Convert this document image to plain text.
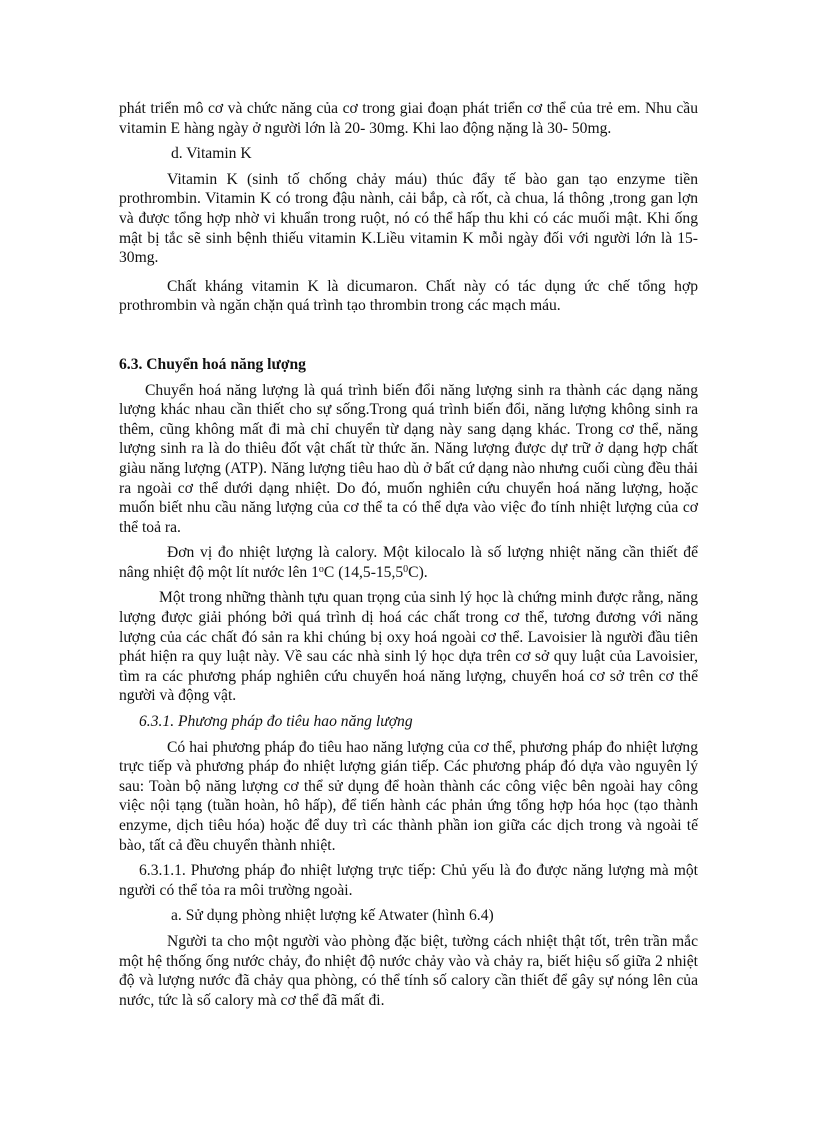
phát triển mô cơ và chức năng của cơ trong giai đoạn phát triển cơ thể của trẻ em. Nhu cầu vitamin E hàng ngày ở người lớn là 20- 30mg. Khi lao động nặng là 30- 50mg.

d. Vitamin K

Vitamin K (sinh tố chống chảy máu) thúc đẩy tế bào gan tạo enzyme tiền prothrombin. Vitamin K có trong đậu nành, cải bắp, cà rốt, cà chua, lá thông ,trong gan lợn và được tổng hợp nhờ vi khuẩn trong ruột, nó có thể hấp thu khi có các muối mật. Khi ống mật bị tắc sẽ sinh bệnh thiếu vitamin K.Liều vitamin K mỗi ngày đối với người lớn là 15- 30mg.

Chất kháng vitamin K là dicumaron. Chất này có tác dụng ức chế tổng hợp prothrombin và ngăn chặn quá trình tạo thrombin trong các mạch máu.

6.3. Chuyển hoá năng lượng

Chuyển hoá năng lượng là quá trình biến đổi năng lượng sinh ra thành các dạng năng lượng khác nhau cần thiết cho sự sống.Trong quá trình biến đổi, năng lượng không sinh ra thêm, cũng không mất đi mà chỉ chuyển từ dạng này sang dạng khác. Trong cơ thể, năng lượng sinh ra là do thiêu đốt vật chất từ thức ăn. Năng lượng được dự trữ ở dạng hợp chất giàu năng lượng (ATP). Năng lượng tiêu hao dù ở bất cứ dạng nào nhưng cuối cùng đều thải ra ngoài cơ thể dưới dạng nhiệt. Do đó, muốn nghiên cứu chuyển hoá năng lượng, hoặc muốn biết nhu cầu năng lượng của cơ thể ta có thể dựa vào việc đo tính nhiệt lượng của cơ thể toả ra.

Đơn vị đo nhiệt lượng là calory. Một kilocalo là số lượng nhiệt năng cần thiết để nâng nhiệt độ một lít nước lên 1$^o$C (14,5-15,5$^0$C).

Một trong những thành tựu quan trọng của sinh lý học là chứng minh được rằng, năng lượng được giải phóng bởi quá trình dị hoá các chất trong cơ thể, tương đương với năng lượng của các chất đó sản ra khi chúng bị oxy hoá ngoài cơ thể. Lavoisier là người đầu tiên phát hiện ra quy luật này. Về sau các nhà sinh lý học dựa trên cơ sở quy luật của Lavoisier, tìm ra các phương pháp nghiên cứu chuyển hoá năng lượng, chuyển hoá cơ sở trên cơ thể người và động vật.

6.3.1. Phương pháp đo tiêu hao năng lượng

Có hai phương pháp đo tiêu hao năng lượng của cơ thể, phương pháp đo nhiệt lượng trực tiếp và phương pháp đo nhiệt lượng gián tiếp. Các phương pháp đó dựa vào nguyên lý sau: Toàn bộ năng lượng cơ thể sử dụng để hoàn thành các công việc bên ngoài hay công việc nội tạng (tuần hoàn, hô hấp), để tiến hành các phản ứng tổng hợp hóa học (tạo thành enzyme, dịch tiêu hóa) hoặc để duy trì các thành phần ion giữa các dịch trong và ngoài tế bào, tất cả đều chuyển thành nhiệt.

6.3.1.1. Phương pháp đo nhiệt lượng trực tiếp: Chủ yếu là đo được năng lượng mà một người có thể tỏa ra môi trường ngoài.

a. Sử dụng phòng nhiệt lượng kế Atwater (hình 6.4)

Người ta cho một người vào phòng đặc biệt, tường cách nhiệt thật tốt, trên trần mắc một hệ thống ống nước chảy, đo nhiệt độ nước chảy vào và chảy ra, biết hiệu số giữa 2 nhiệt độ và lượng nước đã chảy qua phòng, có thể tính số calory cần thiết để gây sự nóng lên của nước, tức là số calory mà cơ thể đã mất đi.
